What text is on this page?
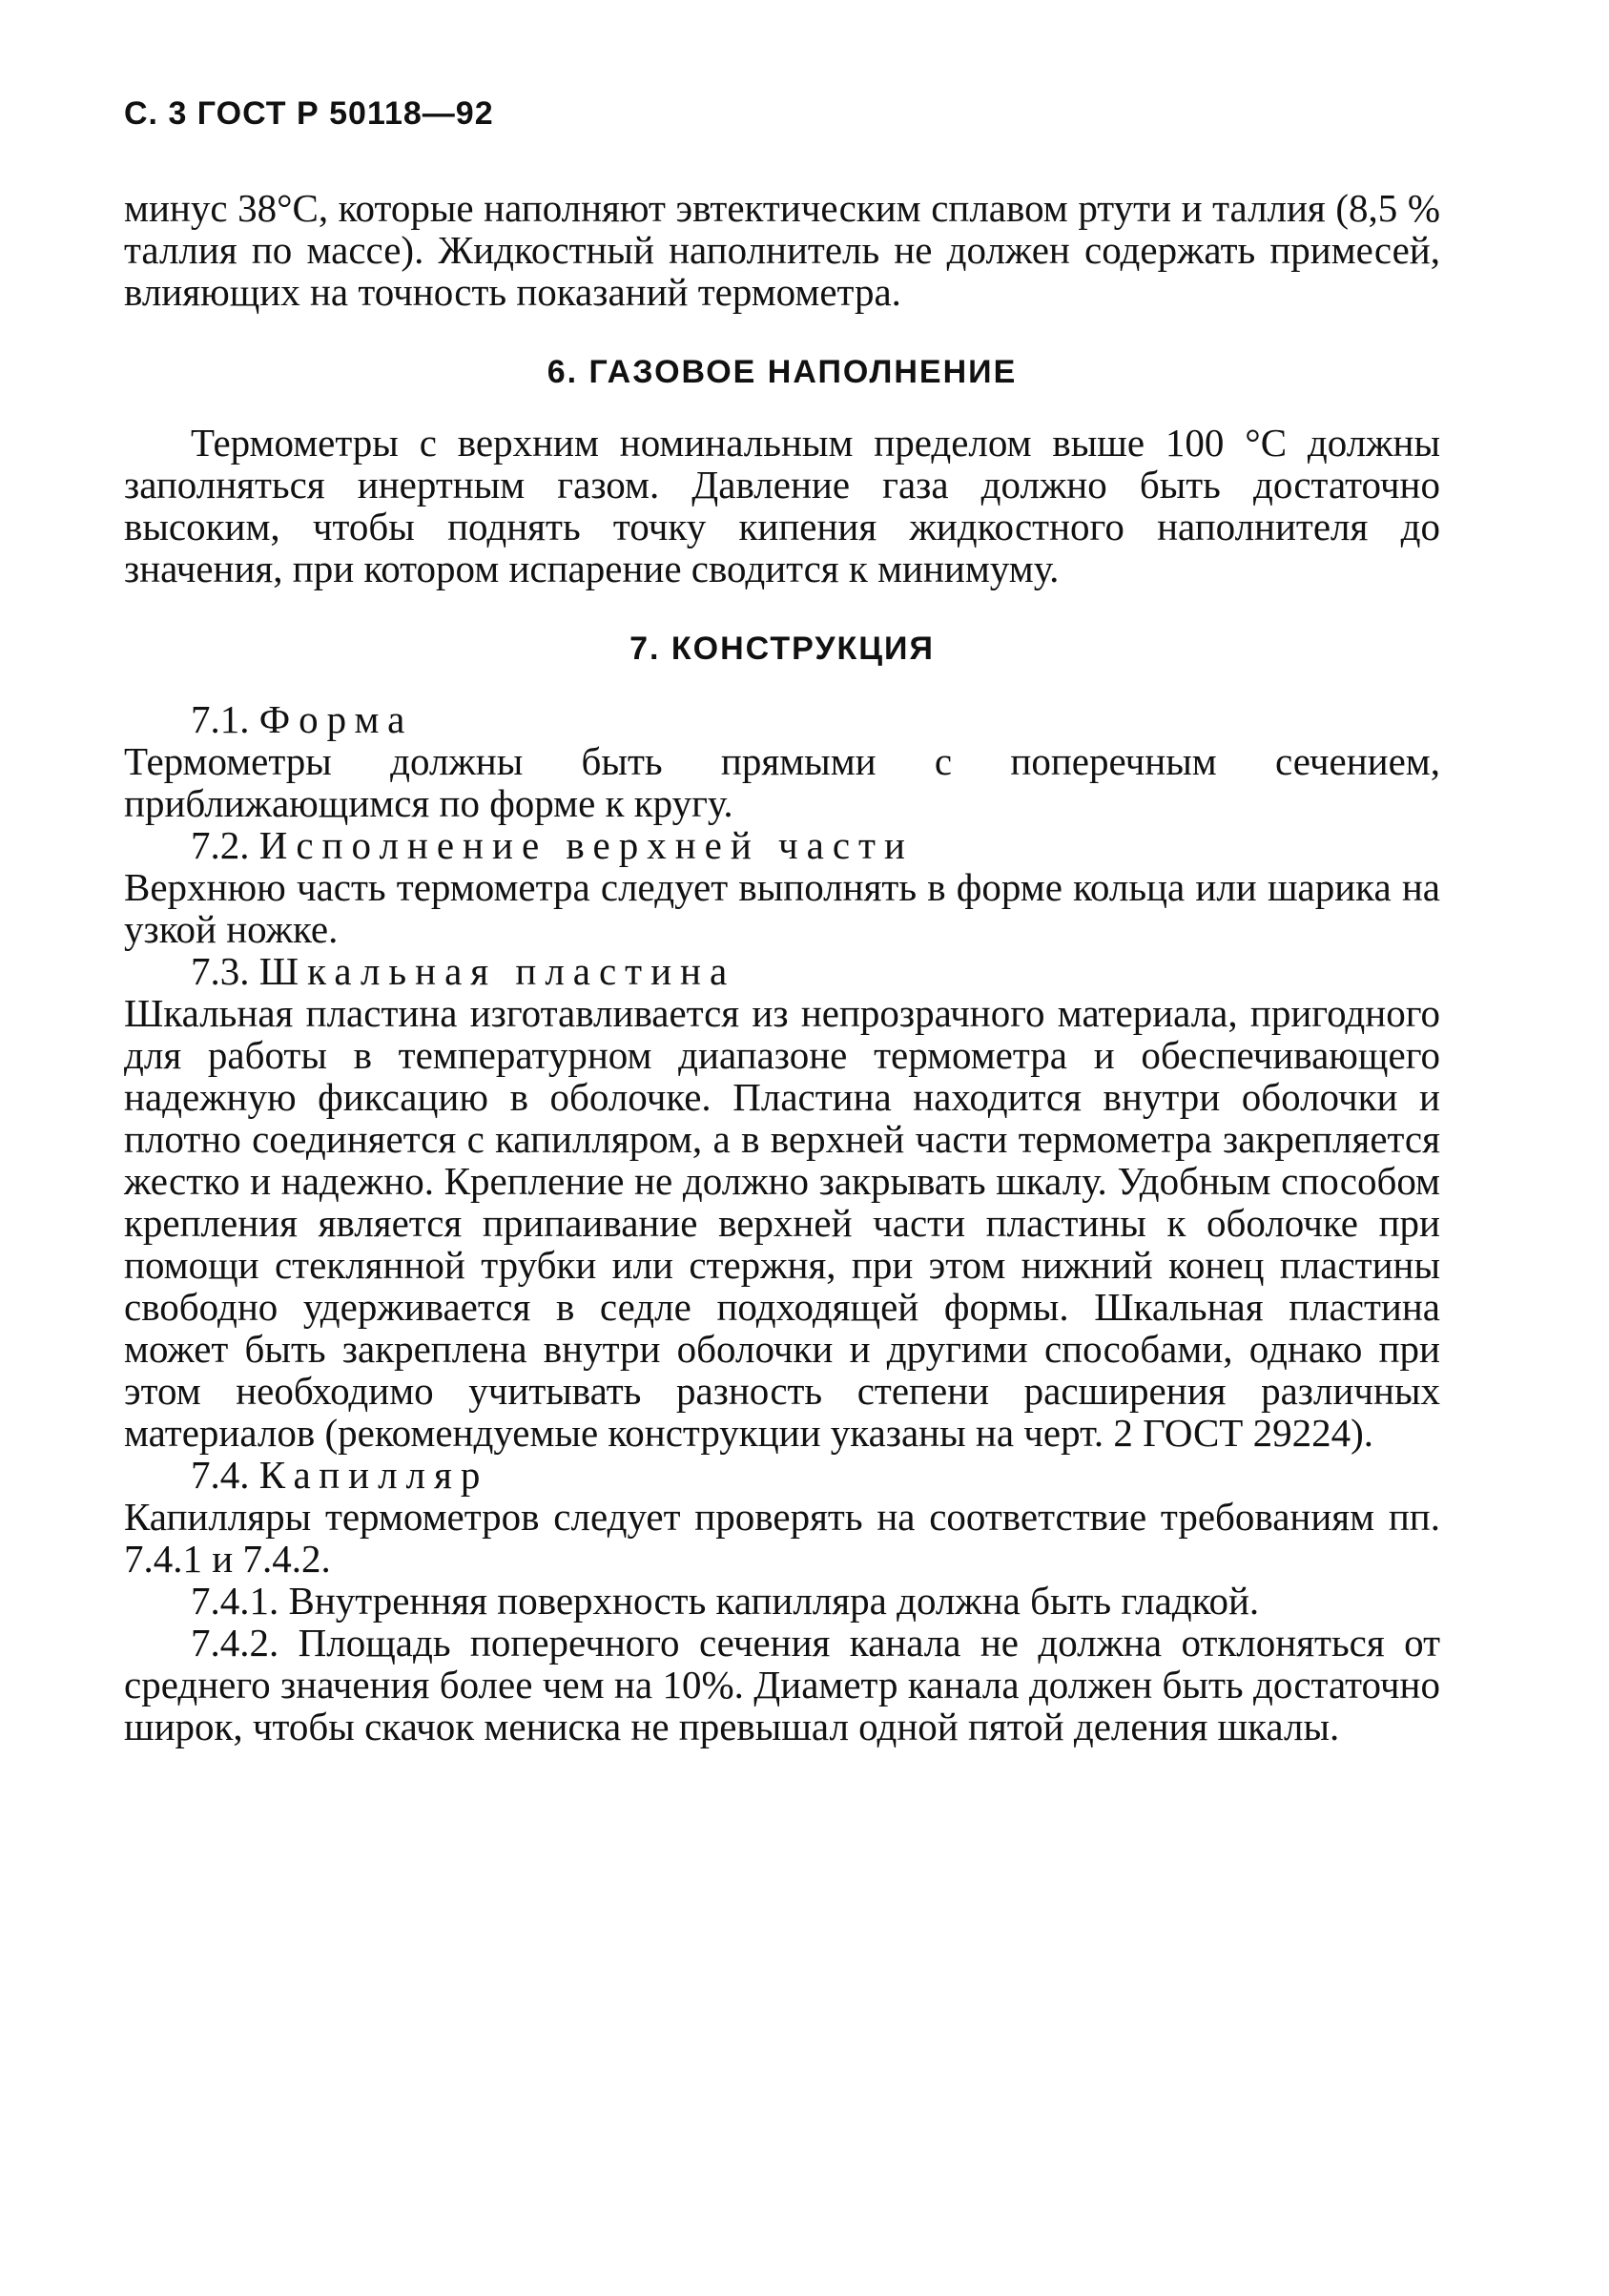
С. 3 ГОСТ Р 50118—92

минус 38°C, которые наполняют эвтектическим сплавом ртути и таллия (8,5 % таллия по массе). Жидкостный наполнитель не должен содержать примесей, влияющих на точность показаний термометра.

6. ГАЗОВОЕ НАПОЛНЕНИЕ

Термометры с верхним номинальным пределом выше 100 °С должны заполняться инертным газом. Давление газа должно быть достаточно высоким, чтобы поднять точку кипения жидкостного наполнителя до значения, при котором испарение сводится к минимуму.

7. КОНСТРУКЦИЯ

7.1. Форма

Термометры должны быть прямыми с поперечным сечением, приближающимся по форме к кругу.

7.2. Исполнение верхней части

Верхнюю часть термометра следует выполнять в форме кольца или шарика на узкой ножке.

7.3. Шкальная пластина

Шкальная пластина изготавливается из непрозрачного материала, пригодного для работы в температурном диапазоне термометра и обеспечивающего надежную фиксацию в оболочке. Пластина находится внутри оболочки и плотно соединяется с капилляром, а в верхней части термометра закрепляется жестко и надежно. Крепление не должно закрывать шкалу. Удобным способом крепления является припаивание верхней части пластины к оболочке при помощи стеклянной трубки или стержня, при этом нижний конец пластины свободно удерживается в седле подходящей формы. Шкальная пластина может быть закреплена внутри оболочки и другими способами, однако при этом необходимо учитывать разность степени расширения различных материалов (рекомендуемые конструкции указаны на черт. 2 ГОСТ 29224).

7.4. Капилляр

Капилляры термометров следует проверять на соответствие требованиям пп. 7.4.1 и 7.4.2.

7.4.1. Внутренняя поверхность капилляра должна быть гладкой.

7.4.2. Площадь поперечного сечения канала не должна отклоняться от среднего значения более чем на 10%. Диаметр канала должен быть достаточно широк, чтобы скачок мениска не превышал одной пятой деления шкалы.
